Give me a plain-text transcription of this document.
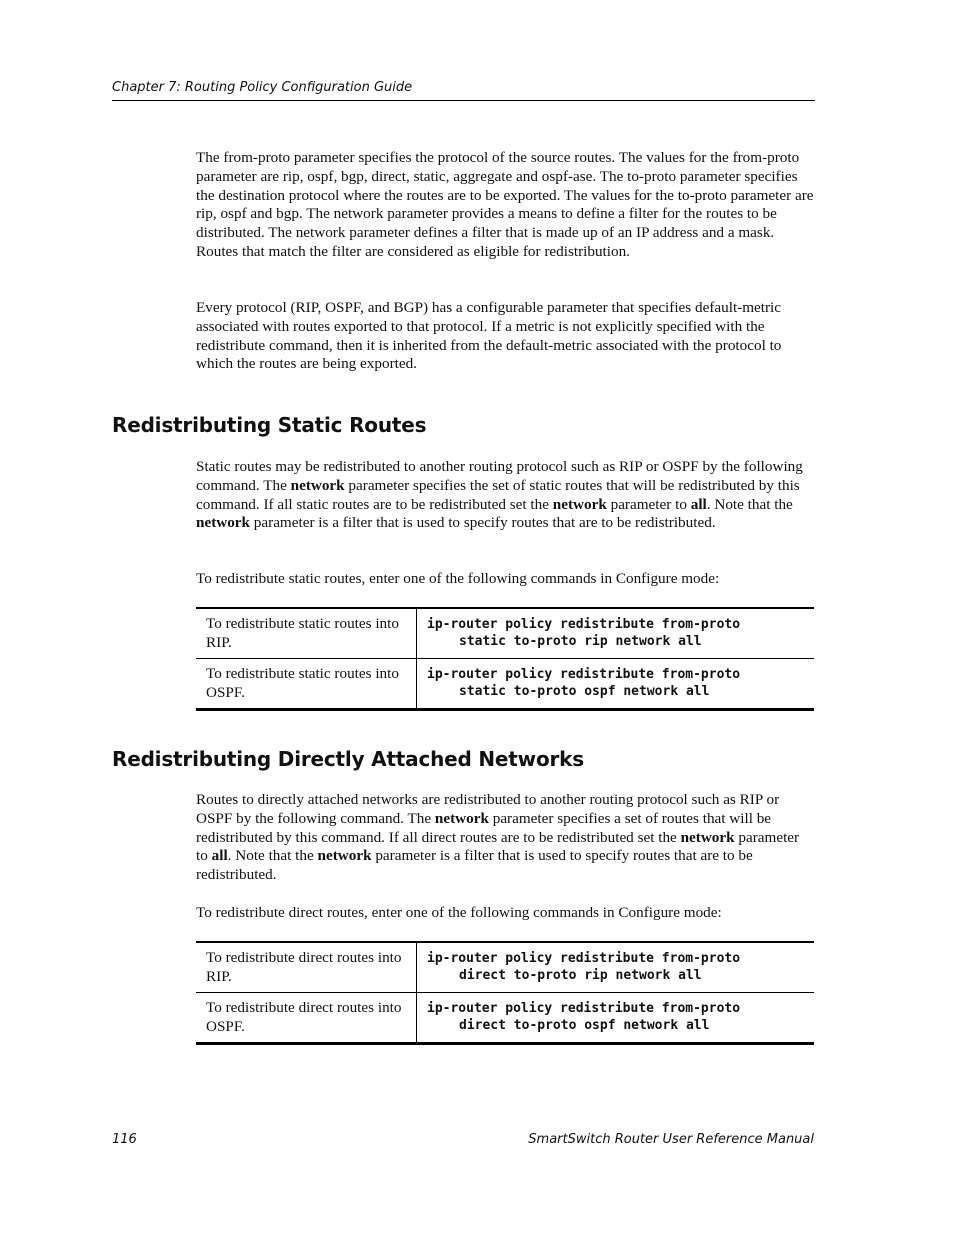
Chapter 7: Routing Policy Configuration Guide

The from-proto parameter specifies the protocol of the source routes. The values for the from-proto parameter are rip, ospf, bgp, direct, static, aggregate and ospf-ase. The to-proto parameter specifies the destination protocol where the routes are to be exported. The values for the to-proto parameter are rip, ospf and bgp. The network parameter provides a means to define a filter for the routes to be distributed. The network parameter defines a filter that is made up of an IP address and a mask. Routes that match the filter are considered as eligible for redistribution.

Every protocol (RIP, OSPF, and BGP) has a configurable parameter that specifies default-metric associated with routes exported to that protocol. If a metric is not explicitly specified with the redistribute command, then it is inherited from the default-metric associated with the protocol to which the routes are being exported.

Redistributing Static Routes

Static routes may be redistributed to another routing protocol such as RIP or OSPF by the following command. The network parameter specifies the set of static routes that will be redistributed by this command. If all static routes are to be redistributed set the network parameter to all. Note that the network parameter is a filter that is used to specify routes that are to be redistributed.

To redistribute static routes, enter one of the following commands in Configure mode:

To redistribute static routes into RIP.	ip-router policy redistribute from-proto
static to-proto rip network all

To redistribute static routes into OSPF.	ip-router policy redistribute from-proto
static to-proto ospf network all
Redistributing Directly Attached Networks

Routes to directly attached networks are redistributed to another routing protocol such as RIP or OSPF by the following command. The network parameter specifies a set of routes that will be redistributed by this command. If all direct routes are to be redistributed set the network parameter to all. Note that the network parameter is a filter that is used to specify routes that are to be redistributed.

To redistribute direct routes, enter one of the following commands in Configure mode:

To redistribute direct routes into RIP.	ip-router policy redistribute from-proto
direct to-proto rip network all

To redistribute direct routes into OSPF.	ip-router policy redistribute from-proto
direct to-proto ospf network all
116	SmartSwitch Router User Reference Manual
